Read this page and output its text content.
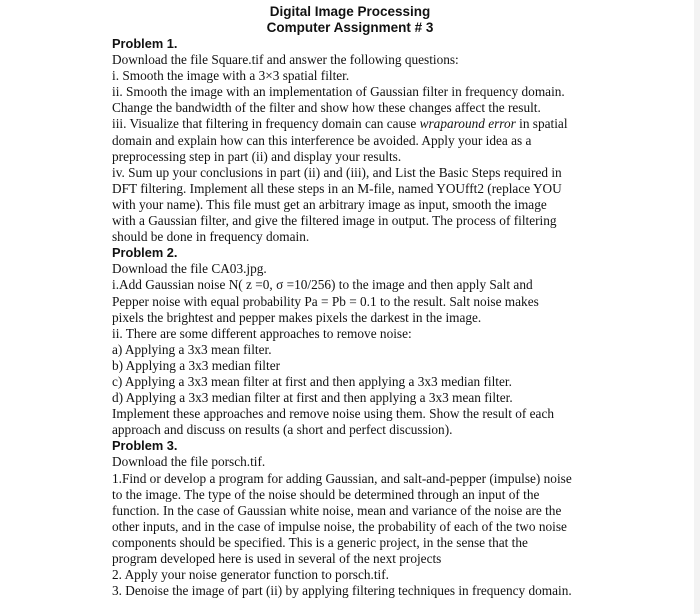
Digital Image Processing
Computer Assignment # 3
Problem 1.
Download the file Square.tif and answer the following questions:
i. Smooth the image with a 3×3 spatial filter.
ii. Smooth the image with an implementation of Gaussian filter in frequency domain.
Change the bandwidth of the filter and show how these changes affect the result.
iii. Visualize that filtering in frequency domain can cause wraparound error in spatial
domain and explain how can this interference be avoided. Apply your idea as a
preprocessing step in part (ii) and display your results.
iv. Sum up your conclusions in part (ii) and (iii), and List the Basic Steps required in
DFT filtering. Implement all these steps in an M-file, named YOUfft2 (replace YOU
with your name). This file must get an arbitrary image as input, smooth the image
with a Gaussian filter, and give the filtered image in output. The process of filtering
should be done in frequency domain.
Problem 2.
Download the file CA03.jpg.
i.Add Gaussian noise N( z =0, σ =10/256) to the image and then apply Salt and
Pepper noise with equal probability Pa = Pb = 0.1 to the result. Salt noise makes
pixels the brightest and pepper makes pixels the darkest in the image.
ii. There are some different approaches to remove noise:
a) Applying a 3x3 mean filter.
b) Applying a 3x3 median filter
c) Applying a 3x3 mean filter at first and then applying a 3x3 median filter.
d) Applying a 3x3 median filter at first and then applying a 3x3 mean filter.
Implement these approaches and remove noise using them. Show the result of each
approach and discuss on results (a short and perfect discussion).
Problem 3.
Download the file porsch.tif.
1.Find or develop a program for adding Gaussian, and salt-and-pepper (impulse) noise
to the image. The type of the noise should be determined through an input of the
function. In the case of Gaussian white noise, mean and variance of the noise are the
other inputs, and in the case of impulse noise, the probability of each of the two noise
components should be specified. This is a generic project, in the sense that the
program developed here is used in several of the next projects
2. Apply your noise generator function to porsch.tif.
3. Denoise the image of part (ii) by applying filtering techniques in frequency domain.
